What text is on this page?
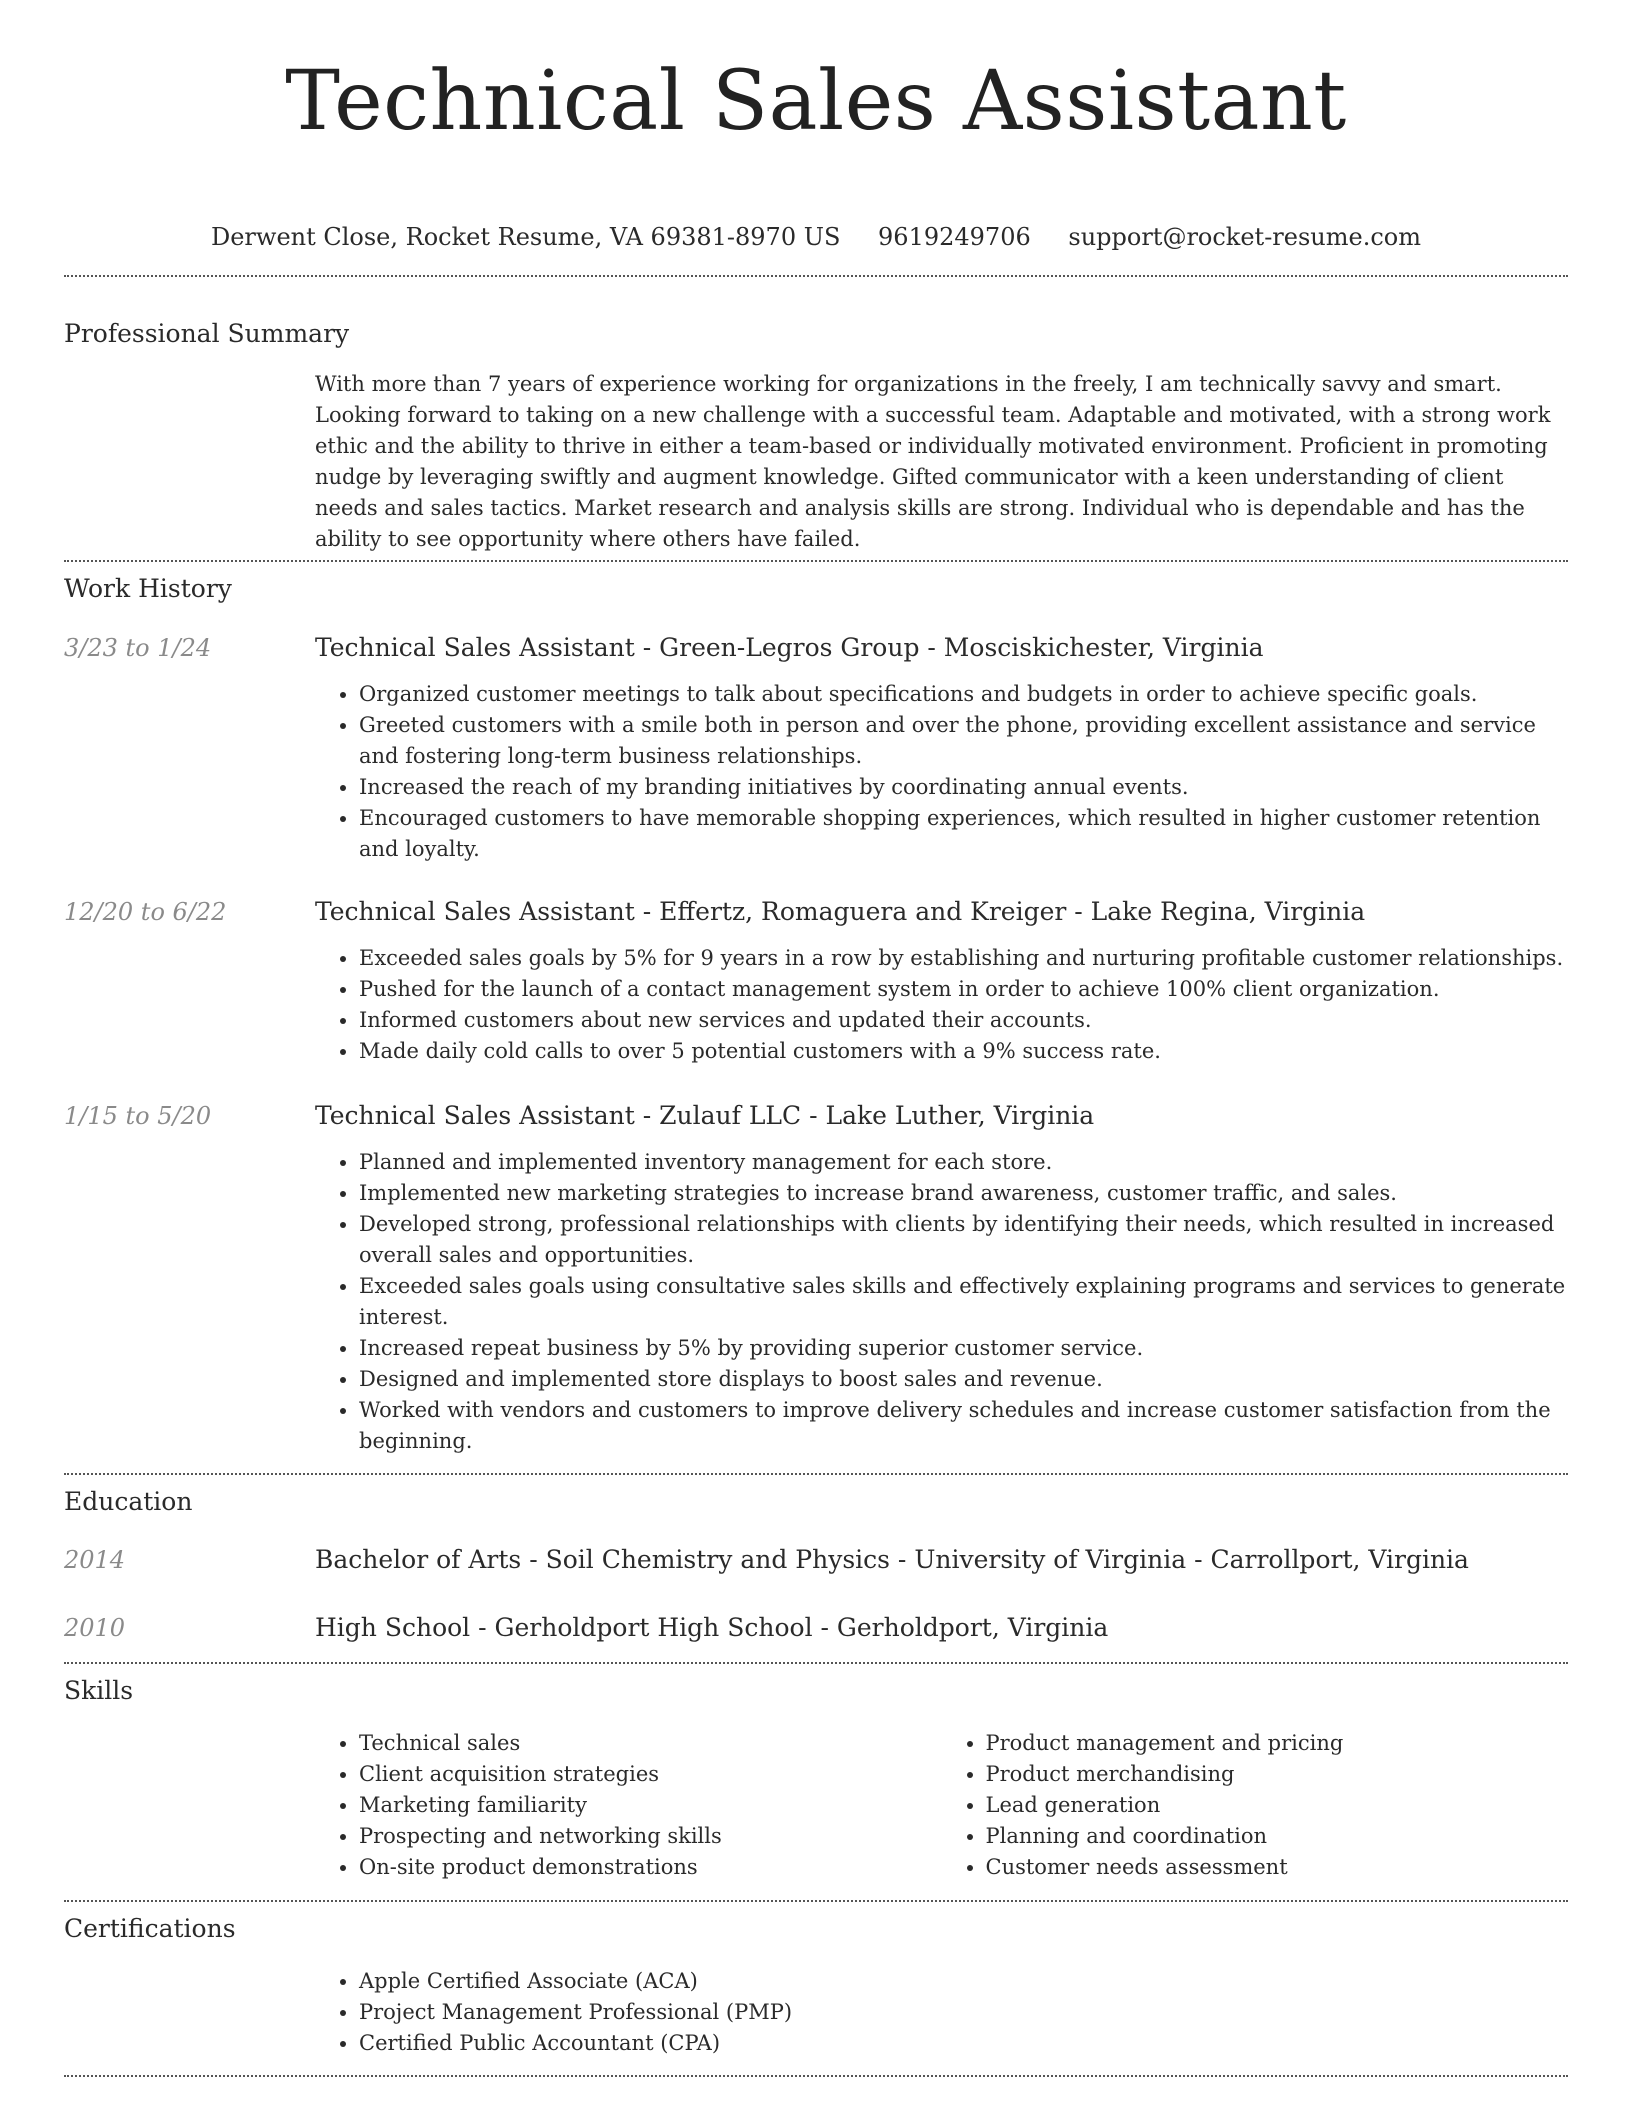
Technical Sales Assistant
Derwent Close, Rocket Resume, VA 69381-8970 US 9619249706 support@rocket-resume.com
Professional Summary
With more than 7 years of experience working for organizations in the freely, I am technically savvy and smart. Looking forward to taking on a new challenge with a successful team. Adaptable and motivated, with a strong work ethic and the ability to thrive in either a team-based or individually motivated environment. Proficient in promoting nudge by leveraging swiftly and augment knowledge. Gifted communicator with a keen understanding of client needs and sales tactics. Market research and analysis skills are strong. Individual who is dependable and has the ability to see opportunity where others have failed.
Work History
3/23 to 1/24	Technical Sales Assistant - Green-Legros Group - Mosciskichester, Virginia
• Organized customer meetings to talk about specifications and budgets in order to achieve specific goals.
• Greeted customers with a smile both in person and over the phone, providing excellent assistance and service and fostering long-term business relationships.
• Increased the reach of my branding initiatives by coordinating annual events.
• Encouraged customers to have memorable shopping experiences, which resulted in higher customer retention and loyalty.
12/20 to 6/22	Technical Sales Assistant - Effertz, Romaguera and Kreiger - Lake Regina, Virginia
• Exceeded sales goals by 5% for 9 years in a row by establishing and nurturing profitable customer relationships.
• Pushed for the launch of a contact management system in order to achieve 100% client organization.
• Informed customers about new services and updated their accounts.
• Made daily cold calls to over 5 potential customers with a 9% success rate.
1/15 to 5/20	Technical Sales Assistant - Zulauf LLC - Lake Luther, Virginia
• Planned and implemented inventory management for each store.
• Implemented new marketing strategies to increase brand awareness, customer traffic, and sales.
• Developed strong, professional relationships with clients by identifying their needs, which resulted in increased overall sales and opportunities.
• Exceeded sales goals using consultative sales skills and effectively explaining programs and services to generate interest.
• Increased repeat business by 5% by providing superior customer service.
• Designed and implemented store displays to boost sales and revenue.
• Worked with vendors and customers to improve delivery schedules and increase customer satisfaction from the beginning.
Education
2014	Bachelor of Arts - Soil Chemistry and Physics - University of Virginia - Carrollport, Virginia
2010	High School - Gerholdport High School - Gerholdport, Virginia
Skills
• Technical sales
• Client acquisition strategies
• Marketing familiarity
• Prospecting and networking skills
• On-site product demonstrations
• Product management and pricing
• Product merchandising
• Lead generation
• Planning and coordination
• Customer needs assessment
Certifications
• Apple Certified Associate (ACA)
• Project Management Professional (PMP)
• Certified Public Accountant (CPA)
